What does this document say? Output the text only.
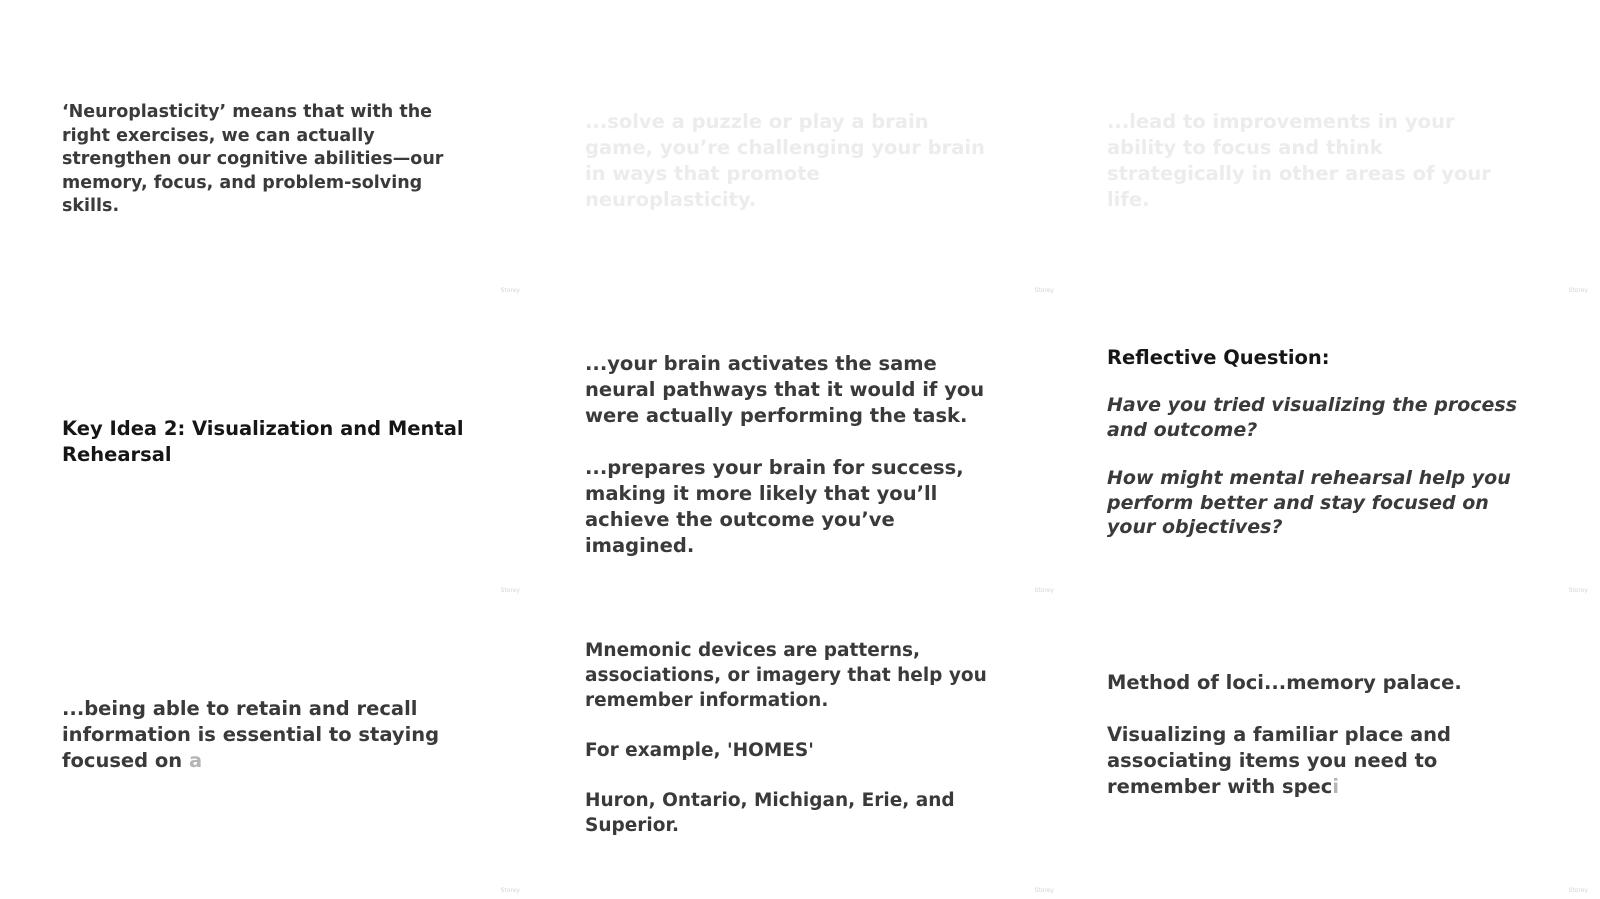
‘Neuroplasticity’ means that with the right exercises, we can actually strengthen our cognitive abilities—our memory, focus, and problem-solving skills.

Storey

...solve a puzzle or play a brain game, you’re challenging your brain in ways that promote neuroplasticity.

Storey

...lead to improvements in your ability to focus and think strategically in other areas of your life.

Storey

Key Idea 2: Visualization and Mental Rehearsal

Storey

...your brain activates the same neural pathways that it would if you were actually performing the task.

...prepares your brain for success, making it more likely that you’ll achieve the outcome you’ve imagined.

Storey

Reflective Question:

Have you tried visualizing the process and outcome?

How might mental rehearsal help you perform better and stay focused on your objectives?

Storey

...being able to retain and recall information is essential to staying focused on a

Storey

Mnemonic devices are patterns, associations, or imagery that help you remember information.

For example, 'HOMES'

Huron, Ontario, Michigan, Erie, and Superior.

Storey

Method of loci...memory palace.

Visualizing a familiar place and associating items you need to remember with speci

Storey
